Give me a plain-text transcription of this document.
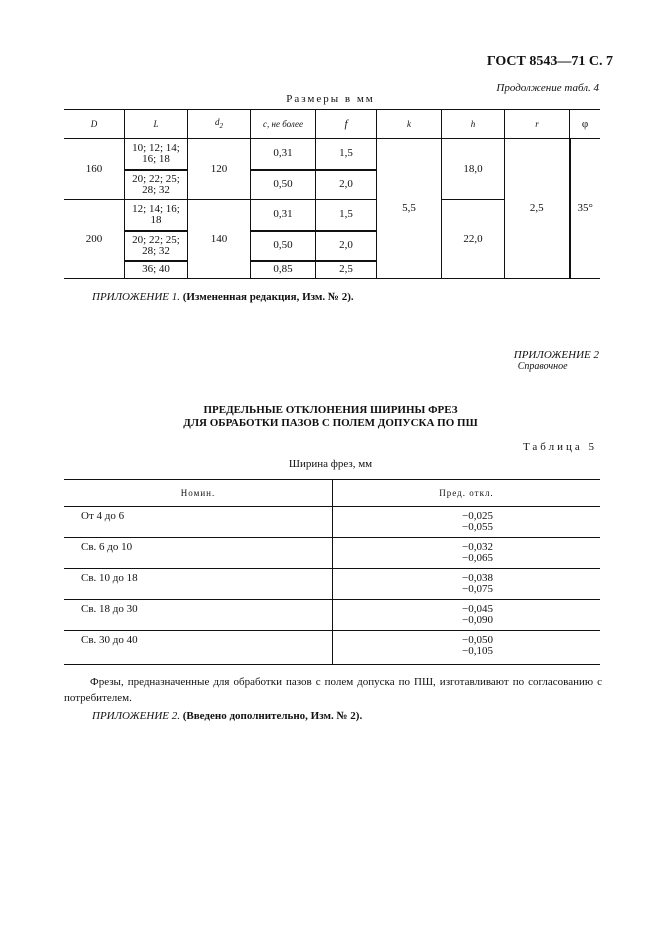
ГОСТ 8543—71 С. 7
Продолжение табл. 4
Размеры в мм
D	L	$d_2$	c, не более	f	k	h	r	φ
160	10; 12; 14; 16; 18	120	0,31	1,5	5,5	18,0	2,5	35°
	20; 22; 25; 28; 32		0,50	2,0				
200	12; 14; 16; 18	140	0,31	1,5		22,0		
	20; 22; 25; 28; 32		0,50	2,0				
	36; 40		0,85	2,5				
ПРИЛОЖЕНИЕ 1. (Измененная редакция, Изм. № 2).
ПРИЛОЖЕНИЕ 2
Справочное
ПРЕДЕЛЬНЫЕ ОТКЛОНЕНИЯ ШИРИНЫ ФРЕЗ
ДЛЯ ОБРАБОТКИ ПАЗОВ С ПОЛЕМ ДОПУСКА ПО ПШ
Таблица 5
Ширина фрез, мм
Номин.	Пред. откл.
От 4 до 6	−0,025
−0,055

Св. 6 до 10	−0,032
−0,065

Св. 10 до 18	−0,038
−0,075

Св. 18 до 30	−0,045
−0,090

Св. 30 до 40	−0,050
−0,105
Фрезы, предназначенные для обработки пазов с полем допуска по ПШ, изготавливают по согласованию с потребителем.
ПРИЛОЖЕНИЕ 2. (Введено дополнительно, Изм. № 2).
